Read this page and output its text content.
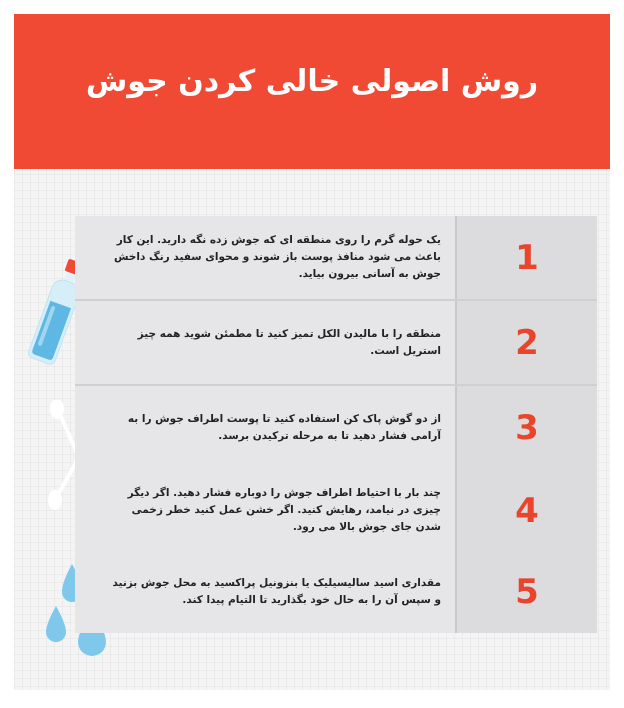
روش اصولی خالی کردن جوش
یک حوله گرم را روی منطقه ای که جوش زده نگه دارید. این کار باعث می شود منافذ پوست باز شوند و محوای سفید رنگ داخش جوش به آسانی بیرون بیاید.	1
منطقه را با مالیدن الکل تمیز کنید تا مطمئن شوید همه چیز استریل است.	2
از دو گوش پاک کن استفاده کنید تا پوست اطراف جوش را به آرامی فشار دهید تا به مرحله ترکیدن برسد.	3
چند بار با احتیاط اطراف جوش را دوباره فشار دهید. اگر دیگر چیزی در نیامد، رهایش کنید. اگر خشن عمل کنید خطر زخمی شدن جای جوش بالا می رود.	4
مقداری اسید سالیسیلیک یا بنزونیل پراکسید به محل جوش بزنید و سپس آن را به حال خود بگذارید تا التیام پیدا کند.	5
